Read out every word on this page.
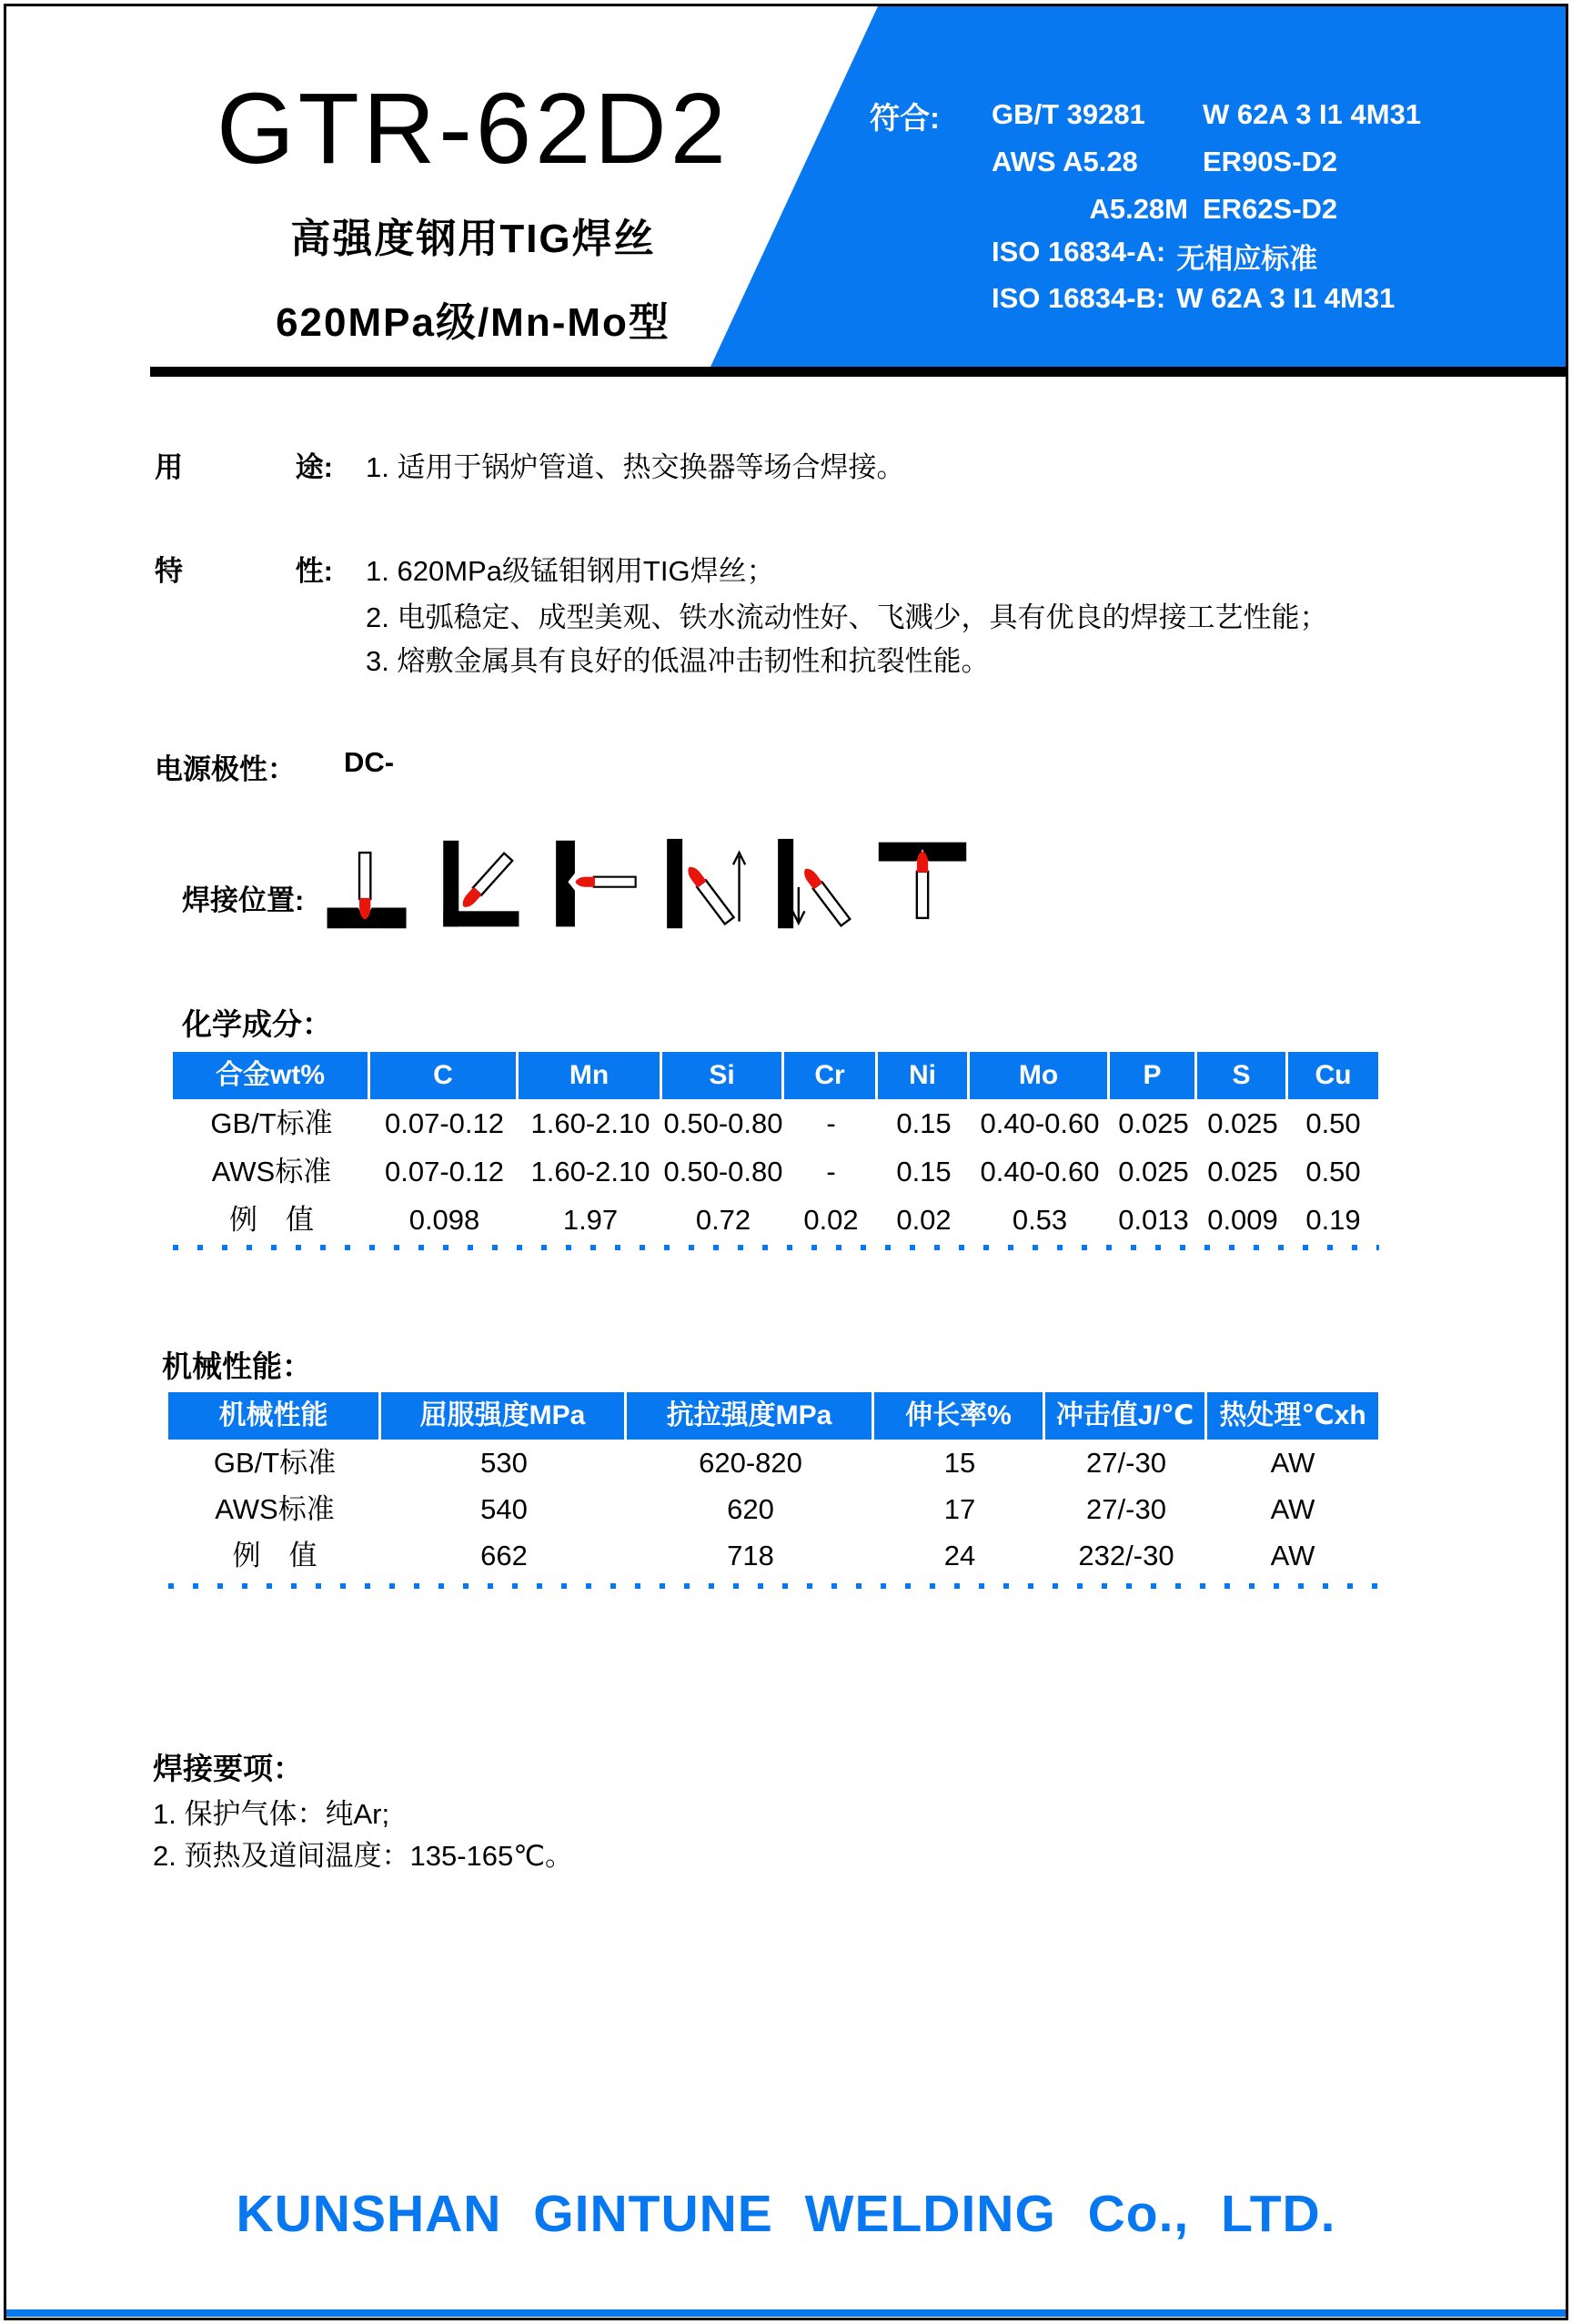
GTR-62D2
高强度钢用TIG焊丝
620MPa级/Mn-Mo型
符合: GB/T 39281	W 62A 3 I1 4M31
AWS A5.28	ER90S-D2
A5.28M ER62S-D2
ISO 16834-A: 无相应标准
ISO 16834-B: W 62A 3 I1 4M31
用	途: 1. 适用于锅炉管道、热交换器等场合焊接。
特	性: 1. 620MPa级锰钼钢用TIG焊丝；
2. 电弧稳定、成型美观、铁水流动性好、飞溅少，具有优良的焊接工艺性能；
3. 熔敷金属具有良好的低温冲击韧性和抗裂性能。
电源极性： DC-
焊接位置:
化学成分：
合金wt%	C	Mn	Si	Cr	Ni	Mo	P	S	Cu
GB/T标准	0.07-0.12 1.60-2.10 0.50-0.80	-	0.15	0.40-0.60 0.025 0.025 0.50
AWS标准	0.07-0.12 1.60-2.10 0.50-0.80	-	0.15	0.40-0.60 0.025 0.025 0.50
例　值	0.098	1.97	0.72	0.02	0.02	0.53	0.013 0.009 0.19
机械性能：
机械性能	屈服强度MPa	抗拉强度MPa	伸长率%	冲击值J/℃ 热处理℃xh
GB/T标准	530	620-820	15	27/-30	AW
AWS标准	540	620	17	27/-30	AW
例　值	662	718	24	232/-30	AW
焊接要项：
1. 保护气体：纯Ar;
2. 预热及道间温度：135-165℃。
KUNSHAN GINTUNE WELDING Co., LTD.
